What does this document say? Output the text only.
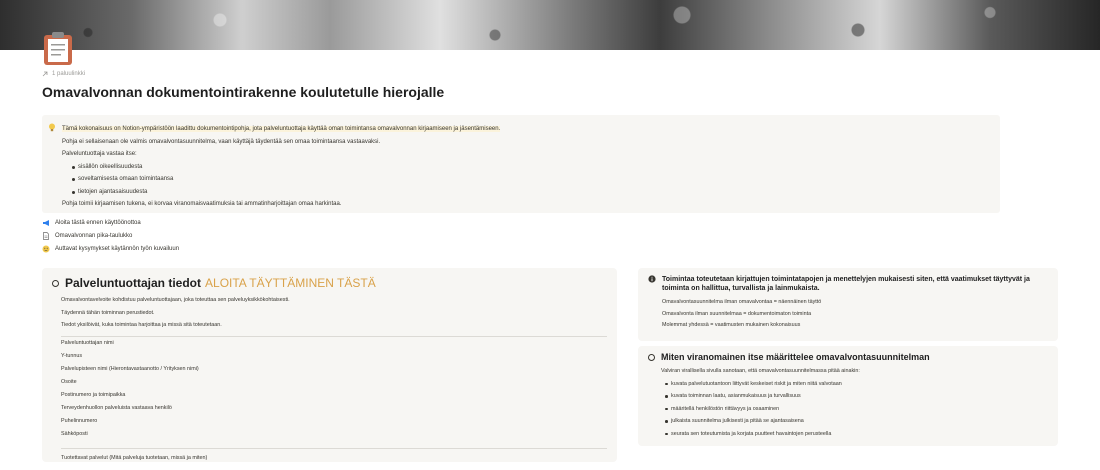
1 paluulinkki
Omavalvonnan dokumentointirakenne koulutetulle hierojalle

Tämä kokonaisuus on Notion-ympäristöön laadittu dokumentointipohja, jota palveluntuottaja käyttää oman toimintansa omavalvonnan kirjaamiseen ja jäsentämiseen.

Pohja ei sellaisenaan ole valmis omavalvontasuunnitelma, vaan käyttäjä täydentää sen omaa toimintaansa vastaavaksi.

Palveluntuottaja vastaa itse:

sisällön oikeellisuudesta
soveltamisesta omaan toimintaansa
tietojen ajantasaisuudesta

Pohja toimii kirjaamisen tukena, ei korvaa viranomaisvaatimuksia tai ammatinharjoittajan omaa harkintaa.

Aloita tästä ennen käyttöönottoa
Omavalvonnan pika-taulukko
Auttavat kysymykset käytännön työn kuvailuun
Palveluntuottajan tiedot ALOITA TÄYTTÄMINEN TÄSTÄ

Omavalvontavelvoite kohdistuu palveluntuottajaan, joka toteuttaa sen palveluyksikkökohtaisesti.

Täydennä tähän toiminnan perustiedot.

Tiedot yksilöivät, kuka toimintaa harjoittaa ja missä sitä toteutetaan.

Palveluntuottajan nimi
Y-tunnus
Palvelupisteen nimi (Hierontavastaanotto / Yrityksen nimi)
Osoite
Postinumero ja toimipaikka
Terveydenhuollon palveluista vastaava henkilö
Puhelinnumero
Sähköposti
Tuotettavat palvelut (Mitä palveluja tuotetaan, missä ja miten)
Toimintaa toteutetaan kirjattujen toimintatapojen ja menettelyjen mukaisesti siten, että vaatimukset täyttyvät ja toiminta on hallittua, turvallista ja lainmukaista.

Omavalvontasuunnitelma ilman omavalvontaa = näennäinen täyttö

Omavalvonta ilman suunnitelmaa = dokumentoimaton toiminta

Molemmat yhdessä = vaatimusten mukainen kokonaisuus

Miten viranomainen itse määrittelee omavalvontasuunnitelman

Valviran virallisella sivulla sanotaan, että omavalvontasuunnitelmassa pitää ainakin:

kuvata palvelutuotantoon liittyvät keskeiset riskit ja miten niitä valvotaan
kuvata toiminnan laatu, asianmukaisuus ja turvallisuus
määritellä henkilöstön riittävyys ja osaaminen
julkaista suunnitelma julkisesti ja pitää se ajantasaisena
seurata sen toteutumista ja korjata puutteet havaintojen perusteella
